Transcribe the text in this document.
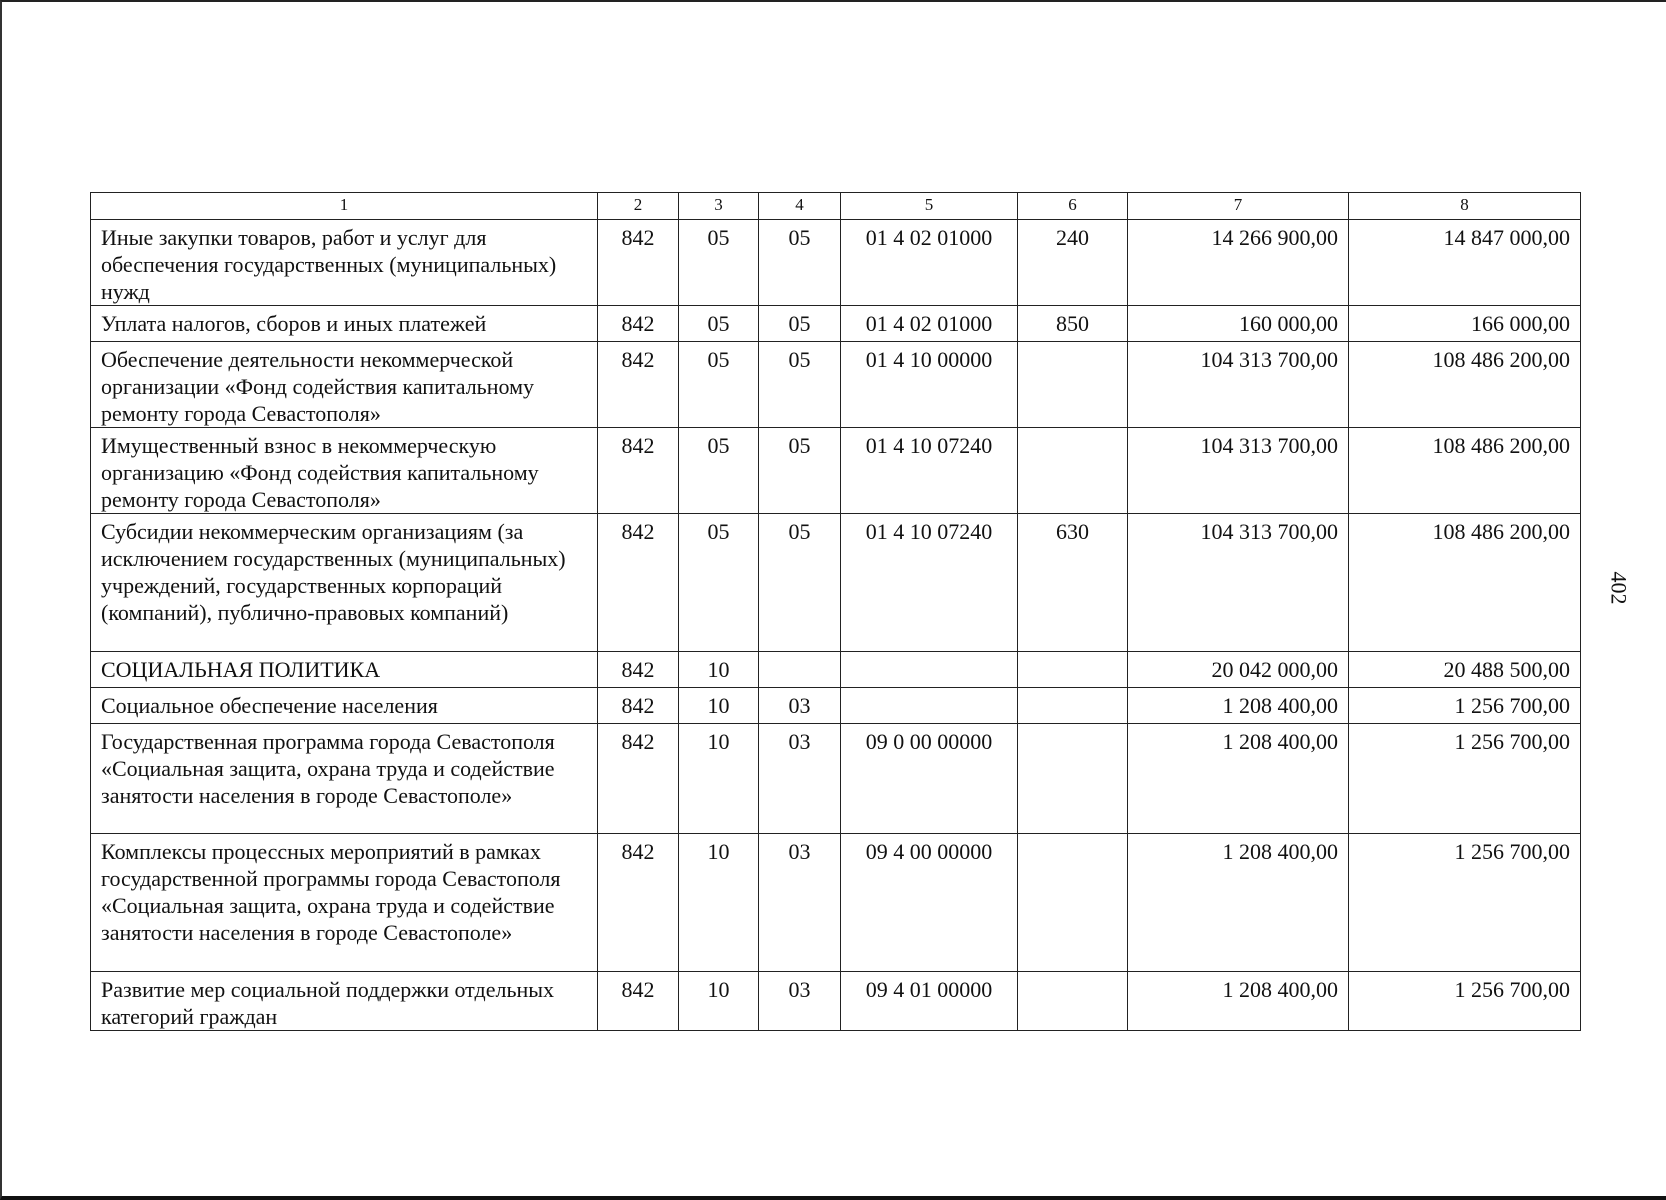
1	2	3	4	5	6	7	8
Иные закупки товаров, работ и услуг для обеспечения государственных (муниципальных) нужд	842	05	05	01 4 02 01000	240	14 266 900,00	14 847 000,00
Уплата налогов, сборов и иных платежей	842	05	05	01 4 02 01000	850	160 000,00	166 000,00
Обеспечение деятельности некоммерческой организации «Фонд содействия капитальному ремонту города Севастополя»	842	05	05	01 4 10 00000		104 313 700,00	108 486 200,00
Имущественный взнос в некоммерческую организацию «Фонд содействия капитальному ремонту города Севастополя»	842	05	05	01 4 10 07240		104 313 700,00	108 486 200,00
Субсидии некоммерческим организациям (за исключением государственных (муниципальных) учреждений, государственных корпораций (компаний), публично-правовых компаний)	842	05	05	01 4 10 07240	630	104 313 700,00	108 486 200,00
СОЦИАЛЬНАЯ ПОЛИТИКА	842	10				20 042 000,00	20 488 500,00
Социальное обеспечение населения	842	10	03			1 208 400,00	1 256 700,00
Государственная программа города Севастополя «Социальная защита, охрана труда и содействие занятости населения в городе Севастополе»	842	10	03	09 0 00 00000		1 208 400,00	1 256 700,00
Комплексы процессных мероприятий в рамках государственной программы города Севастополя «Социальная защита, охрана труда и содействие занятости населения в городе Севастополе»	842	10	03	09 4 00 00000		1 208 400,00	1 256 700,00
Развитие мер социальной поддержки отдельных категорий граждан	842	10	03	09 4 01 00000		1 208 400,00	1 256 700,00
402
